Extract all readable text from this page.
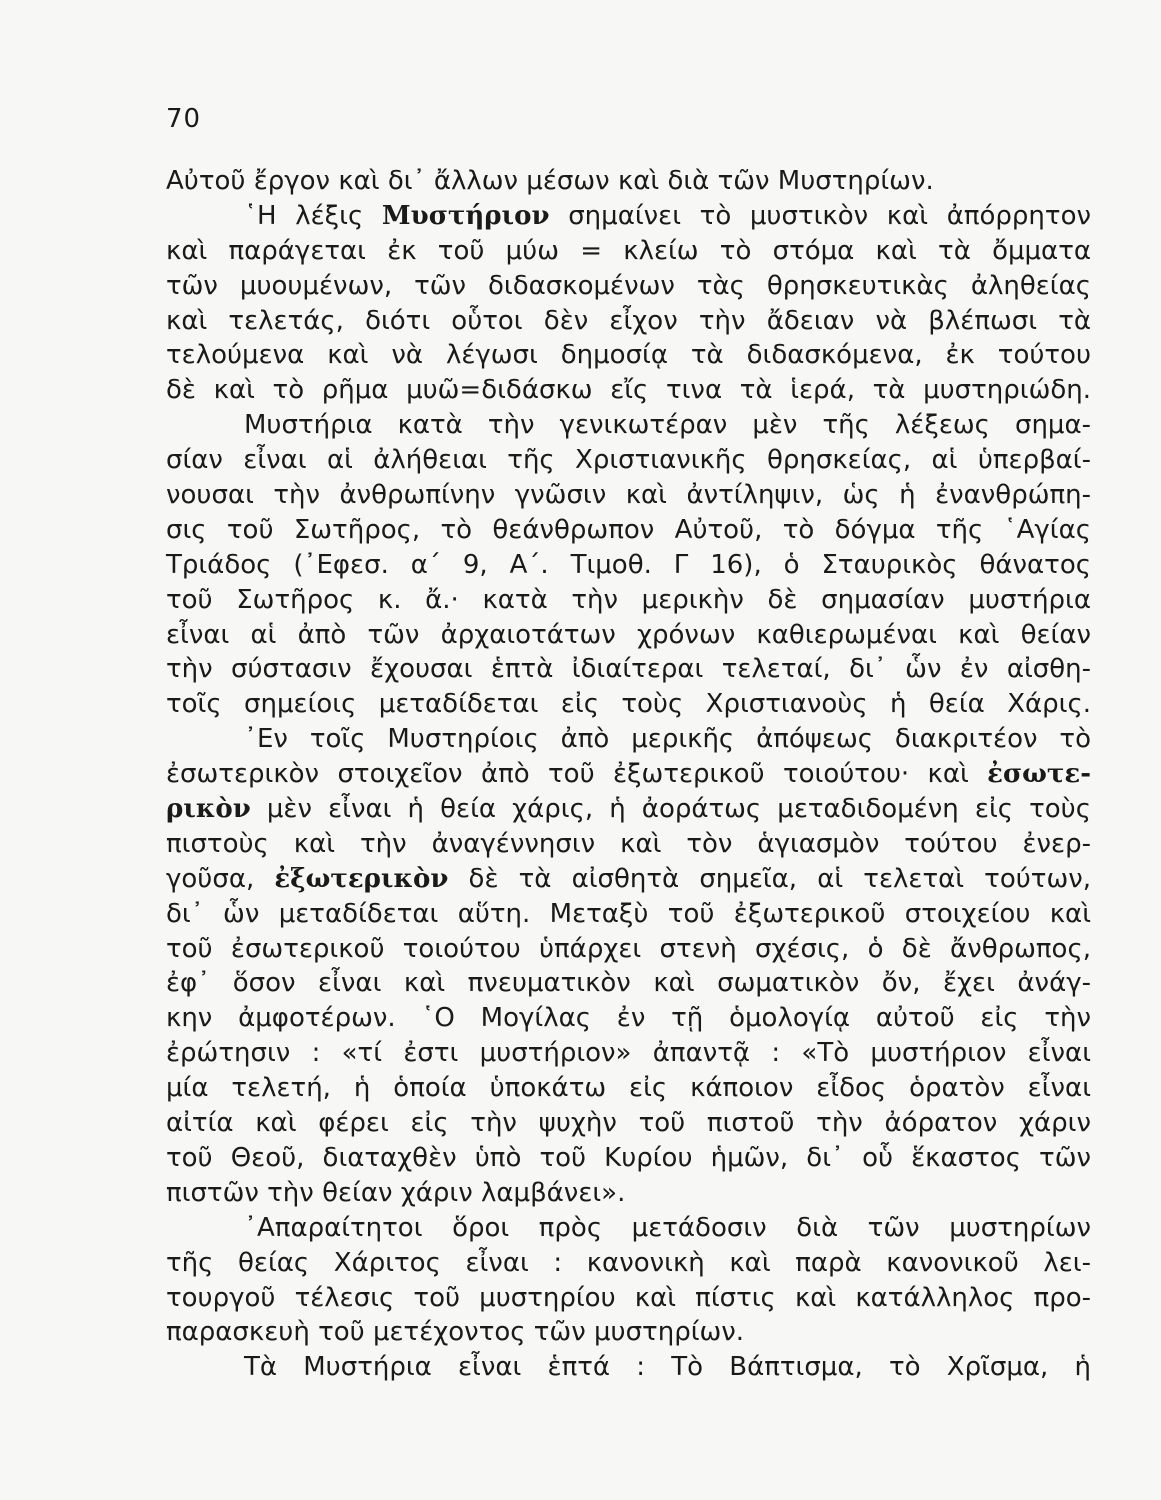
70
Αὐτοῦ ἔργον καὶ δι᾿ ἄλλων μέσων καὶ διὰ τῶν Μυστηρίων.
῾Η λέξις Μυστήριον σημαίνει τὸ μυστικὸν καὶ ἀπόρρητον
καὶ παράγεται ἐκ τοῦ μύω = κλείω τὸ στόμα καὶ τὰ ὄμματα
τῶν μυουμένων, τῶν διδασκομένων τὰς θρησκευτικὰς ἀληθείας
καὶ τελετάς, διότι οὗτοι δὲν εἶχον τὴν ἄδειαν νὰ βλέπωσι τὰ
τελούμενα καὶ νὰ λέγωσι δημοσίᾳ τὰ διδασκόμενα, ἐκ τούτου
δὲ καὶ τὸ ρῆμα μυῶ=διδάσκω εἴς τινα τὰ ἱερά, τὰ μυστηριώδη.
Μυστήρια κατὰ τὴν γενικωτέραν μὲν τῆς λέξεως σημα-
σίαν εἶναι αἱ ἀλήθειαι τῆς Χριστιανικῆς θρησκείας, αἱ ὑπερβαί-
νουσαι τὴν ἀνθρωπίνην γνῶσιν καὶ ἀντίληψιν, ὡς ἡ ἐνανθρώπη-
σις τοῦ Σωτῆρος, τὸ θεάνθρωπον Αὐτοῦ, τὸ δόγμα τῆς ῾Αγίας
Τριάδος (᾿Εφεσ. α΄ 9, Α΄. Τιμοθ. Γ 16), ὁ Σταυρικὸς θάνατος
τοῦ Σωτῆρος κ. ἄ.· κατὰ τὴν μερικὴν δὲ σημασίαν μυστήρια
εἶναι αἱ ἀπὸ τῶν ἀρχαιοτάτων χρόνων καθιερωμέναι καὶ θείαν
τὴν σύστασιν ἔχουσαι ἑπτὰ ἰδιαίτεραι τελεταί, δι᾿ ὧν ἐν αἰσθη-
τοῖς σημείοις μεταδίδεται εἰς τοὺς Χριστιανοὺς ἡ θεία Χάρις.
᾿Εν τοῖς Μυστηρίοις ἀπὸ μερικῆς ἀπόψεως διακριτέον τὸ
ἐσωτερικὸν στοιχεῖον ἀπὸ τοῦ ἐξωτερικοῦ τοιούτου· καὶ ἐσωτε-
ρικὸν μὲν εἶναι ἡ θεία χάρις, ἡ ἀοράτως μεταδιδομένη εἰς τοὺς
πιστοὺς καὶ τὴν ἀναγέννησιν καὶ τὸν ἁγιασμὸν τούτου ἐνερ-
γοῦσα, ἐξωτερικὸν δὲ τὰ αἰσθητὰ σημεῖα, αἱ τελεταὶ τούτων,
δι᾿ ὧν μεταδίδεται αὕτη. Μεταξὺ τοῦ ἐξωτερικοῦ στοιχείου καὶ
τοῦ ἐσωτερικοῦ τοιούτου ὑπάρχει στενὴ σχέσις, ὁ δὲ ἄνθρωπος,
ἐφ᾿ ὅσον εἶναι καὶ πνευματικὸν καὶ σωματικὸν ὄν, ἔχει ἀνάγ-
κην ἀμφοτέρων. ῾Ο Μογίλας ἐν τῇ ὁμολογίᾳ αὐτοῦ εἰς τὴν
ἐρώτησιν : «τί ἐστι μυστήριον» ἀπαντᾷ : «Τὸ μυστήριον εἶναι
μία τελετή, ἡ ὁποία ὑποκάτω εἰς κάποιον εἶδος ὁρατὸν εἶναι
αἰτία καὶ φέρει εἰς τὴν ψυχὴν τοῦ πιστοῦ τὴν ἀόρατον χάριν
τοῦ Θεοῦ, διαταχθὲν ὑπὸ τοῦ Κυρίου ἡμῶν, δι᾿ οὗ ἕκαστος τῶν
πιστῶν τὴν θείαν χάριν λαμβάνει».
᾿Απαραίτητοι ὅροι πρὸς μετάδοσιν διὰ τῶν μυστηρίων
τῆς θείας Χάριτος εἶναι : κανονικὴ καὶ παρὰ κανονικοῦ λει-
τουργοῦ τέλεσις τοῦ μυστηρίου καὶ πίστις καὶ κατάλληλος προ-
παρασκευὴ τοῦ μετέχοντος τῶν μυστηρίων.
Τὰ Μυστήρια εἶναι ἑπτά : Τὸ Βάπτισμα, τὸ Χρῖσμα, ἡ
